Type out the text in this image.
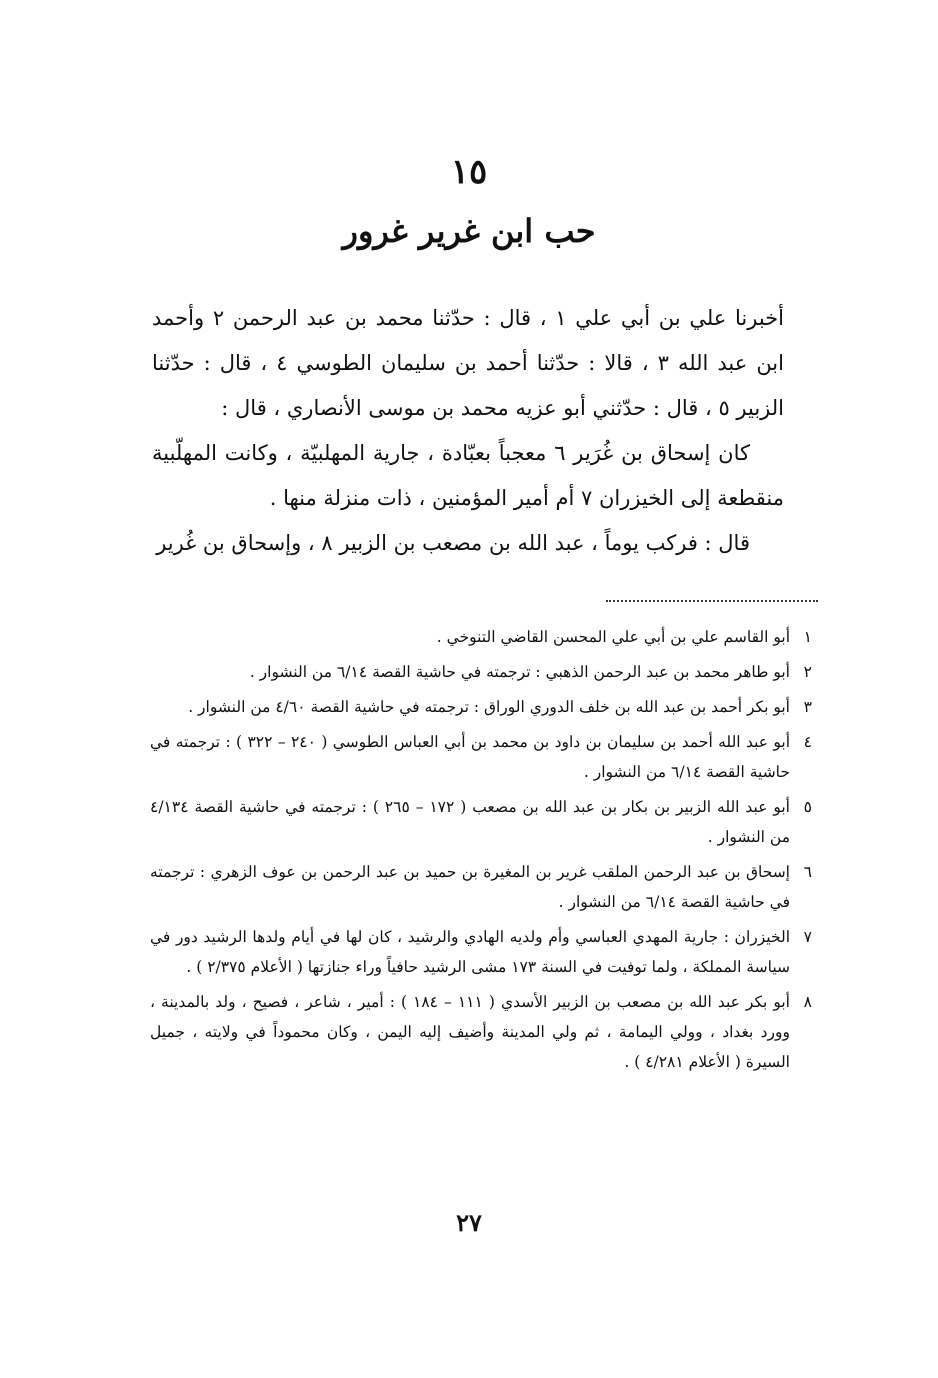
١٥
حب ابن غرير غرور

أخبرنا علي بن أبي علي ١ ، قال : حدّثنا محمد بن عبد الرحمن ٢ وأحمد ابن عبد الله ٣ ، قالا : حدّثنا أحمد بن سليمان الطوسي ٤ ، قال : حدّثنا الزبير ٥ ، قال : حدّثني أبو عزيه محمد بن موسى الأنصاري ، قال :

كان إسحاق بن غُرَير ٦ معجباً بعبّادة ، جارية المهلبيّة ، وكانت المهلّبية منقطعة إلى الخيزران ٧ أم أمير المؤمنين ، ذات منزلة منها .

قال : فركب يوماً ، عبد الله بن مصعب بن الزبير ٨ ، وإسحاق بن غُرير

١
أبو القاسم علي بن أبي علي المحسن القاضي التنوخي .
٢
أبو طاهر محمد بن عبد الرحمن الذهبي : ترجمته في حاشية القصة ٦/١٤ من النشوار .
٣
أبو بكر أحمد بن عبد الله بن خلف الدوري الوراق : ترجمته في حاشية القصة ٤/٦٠ من النشوار .
٤
أبو عبد الله أحمد بن سليمان بن داود بن محمد بن أبي العباس الطوسي ( ٢٤٠ – ٣٢٢ ) : ترجمته في حاشية القصة ٦/١٤ من النشوار .
٥
أبو عبد الله الزبير بن بكار بن عبد الله بن مصعب ( ١٧٢ – ٢٦٥ ) : ترجمته في حاشية القصة ٤/١٣٤ من النشوار .
٦
إسحاق بن عبد الرحمن الملقب غرير بن المغيرة بن حميد بن عبد الرحمن بن عوف الزهري : ترجمته في حاشية القصة ٦/١٤ من النشوار .
٧
الخيزران : جارية المهدي العباسي وأم ولديه الهادي والرشيد ، كان لها في أيام ولدها الرشيد دور في سياسة المملكة ، ولما توفيت في السنة ١٧٣ مشى الرشيد حافياً وراء جنازتها ( الأعلام ٢/٣٧٥ ) .
٨
أبو بكر عبد الله بن مصعب بن الزبير الأسدي ( ١١١ – ١٨٤ ) : أمير ، شاعر ، فصيح ، ولد بالمدينة ، وورد بغداد ، وولي اليمامة ، ثم ولي المدينة وأضيف إليه اليمن ، وكان محموداً في ولايته ، جميل السيرة ( الأعلام ٤/٢٨١ ) .
٢٧
